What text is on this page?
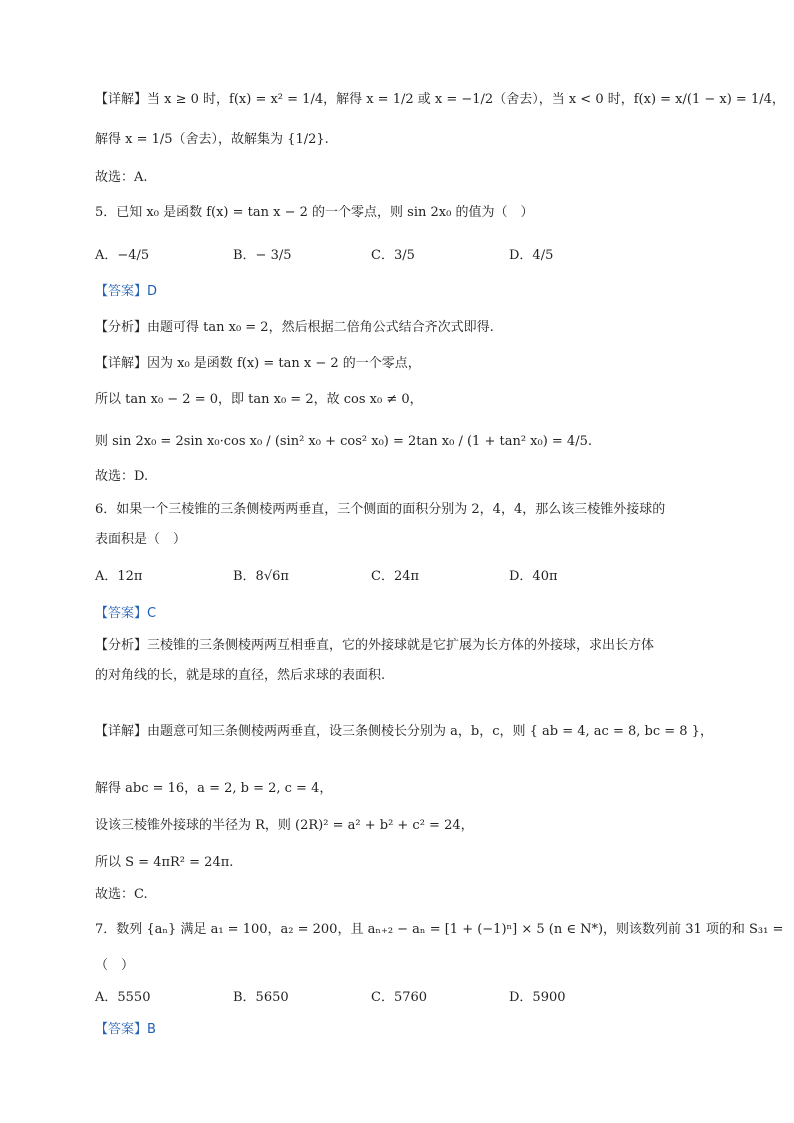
【详解】当 x ≥ 0 时，f(x) = x² = 1/4，解得 x = 1/2 或 x = −1/2（舍去），当 x < 0 时，f(x) = x/(1 − x) = 1/4，
解得 x = 1/5（舍去），故解集为 {1/2}.
故选：A.
5．已知 x₀ 是函数 f(x) = tan x − 2 的一个零点，则 sin 2x₀ 的值为（　）
A．−4/5	B．− 3/5	C．3/5	D．4/5
【答案】D
【分析】由题可得 tan x₀ = 2，然后根据二倍角公式结合齐次式即得.
【详解】因为 x₀ 是函数 f(x) = tan x − 2 的一个零点，
所以 tan x₀ − 2 = 0，即 tan x₀ = 2，故 cos x₀ ≠ 0，
则 sin 2x₀ = 2sin x₀·cos x₀ / (sin² x₀ + cos² x₀) = 2tan x₀ / (1 + tan² x₀) = 4/5.
故选：D.
6．如果一个三棱锥的三条侧棱两两垂直，三个侧面的面积分别为 2，4，4，那么该三棱锥外接球的
表面积是（　）
A．12π	B．8√6π	C．24π	D．40π
【答案】C
【分析】三棱锥的三条侧棱两两互相垂直，它的外接球就是它扩展为长方体的外接球，求出长方体
的对角线的长，就是球的直径，然后求球的表面积.
【详解】由题意可知三条侧棱两两垂直，设三条侧棱长分别为 a，b，c，则 { ab = 4, ac = 8, bc = 8 }，
解得 abc = 16，a = 2, b = 2, c = 4，
设该三棱锥外接球的半径为 R，则 (2R)² = a² + b² + c² = 24，
所以 S = 4πR² = 24π.
故选：C.
7．数列 {aₙ} 满足 a₁ = 100，a₂ = 200，且 aₙ₊₂ − aₙ = [1 + (−1)ⁿ] × 5 (n ∈ N*)，则该数列前 31 项的和 S₃₁ =
（　）
A．5550	B．5650	C．5760	D．5900
【答案】B
